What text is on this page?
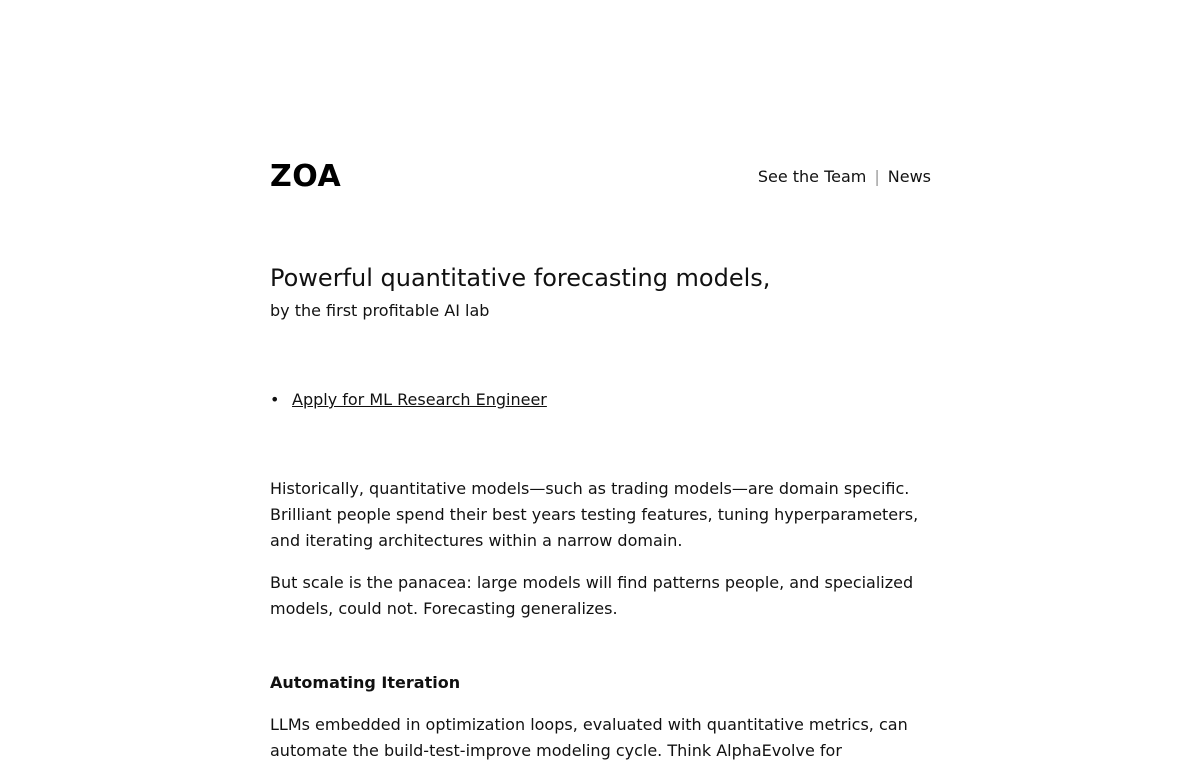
ZOA	See the Team | News
Powerful quantitative forecasting models,

by the first profitable AI lab

• Apply for ML Research Engineer

Historically, quantitative models—such as trading models—are domain specific. Brilliant people spend their best years testing features, tuning hyperparameters, and iterating architectures within a narrow domain.

But scale is the panacea: large models will find patterns people, and specialized models, could not. Forecasting generalizes.

Automating Iteration

LLMs embedded in optimization loops, evaluated with quantitative metrics, can automate the build-test-improve modeling cycle. Think AlphaEvolve for
